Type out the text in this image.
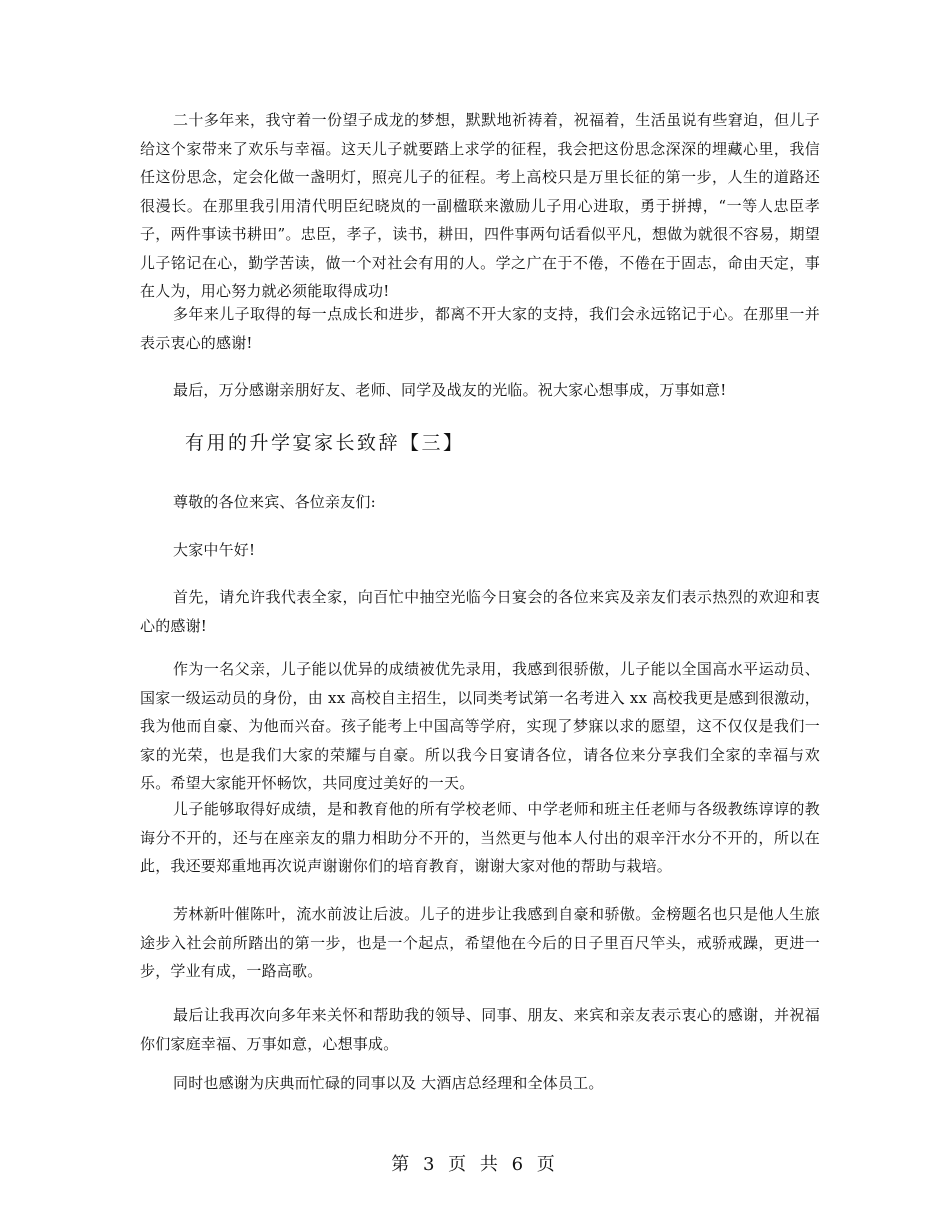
二十多年来，我守着一份望子成龙的梦想，默默地祈祷着，祝福着，生活虽说有些窘迫，但儿子给这个家带来了欢乐与幸福。这天儿子就要踏上求学的征程，我会把这份思念深深的埋藏心里，我信任这份思念，定会化做一盏明灯，照亮儿子的征程。考上高校只是万里长征的第一步，人生的道路还很漫长。在那里我引用清代明臣纪晓岚的一副楹联来激励儿子用心进取，勇于拼搏，“一等人忠臣孝子，两件事读书耕田”。忠臣，孝子，读书，耕田，四件事两句话看似平凡，想做为就很不容易，期望儿子铭记在心，勤学苦读，做一个对社会有用的人。学之广在于不倦，不倦在于固志，命由天定，事在人为，用心努力就必须能取得成功!

多年来儿子取得的每一点成长和进步，都离不开大家的支持，我们会永远铭记于心。在那里一并表示衷心的感谢!

最后，万分感谢亲朋好友、老师、同学及战友的光临。祝大家心想事成，万事如意!

有用的升学宴家长致辞【三】

尊敬的各位来宾、各位亲友们:

大家中午好!

首先，请允许我代表全家，向百忙中抽空光临今日宴会的各位来宾及亲友们表示热烈的欢迎和衷心的感谢!

作为一名父亲，儿子能以优异的成绩被优先录用，我感到很骄傲，儿子能以全国高水平运动员、国家一级运动员的身份，由 xx 高校自主招生，以同类考试第一名考进入 xx 高校我更是感到很激动，我为他而自豪、为他而兴奋。孩子能考上中国高等学府，实现了梦寐以求的愿望，这不仅仅是我们一家的光荣，也是我们大家的荣耀与自豪。所以我今日宴请各位，请各位来分享我们全家的幸福与欢乐。希望大家能开怀畅饮，共同度过美好的一天。

儿子能够取得好成绩，是和教育他的所有学校老师、中学老师和班主任老师与各级教练谆谆的教诲分不开的，还与在座亲友的鼎力相助分不开的，当然更与他本人付出的艰辛汗水分不开的，所以在此，我还要郑重地再次说声谢谢你们的培育教育，谢谢大家对他的帮助与栽培。

芳林新叶催陈叶，流水前波让后波。儿子的进步让我感到自豪和骄傲。金榜题名也只是他人生旅途步入社会前所踏出的第一步，也是一个起点，希望他在今后的日子里百尺竿头，戒骄戒躁，更进一步，学业有成，一路高歌。

最后让我再次向多年来关怀和帮助我的领导、同事、朋友、来宾和亲友表示衷心的感谢，并祝福你们家庭幸福、万事如意，心想事成。

同时也感谢为庆典而忙碌的同事以及 大酒店总经理和全体员工。

第 3 页 共 6 页
